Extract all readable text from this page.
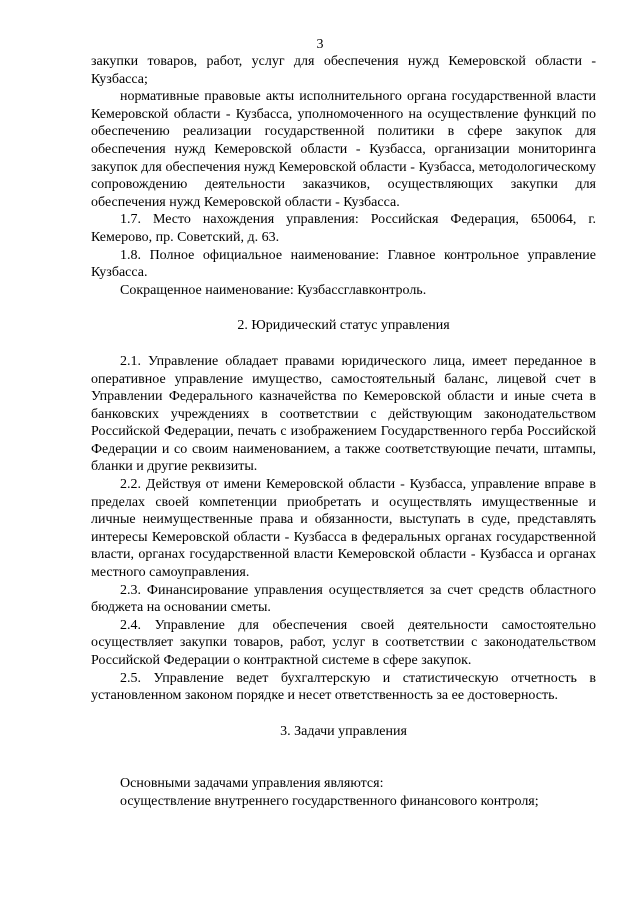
3

закупки товаров, работ, услуг для обеспечения нужд Кемеровской области - Кузбасса;

нормативные правовые акты исполнительного органа государственной власти Кемеровской области - Кузбасса, уполномоченного на осуществление функций по обеспечению реализации государственной политики в сфере закупок для обеспечения нужд Кемеровской области - Кузбасса, организации мониторинга закупок для обеспечения нужд Кемеровской области - Кузбасса, методологическому сопровождению деятельности заказчиков, осуществляющих закупки для обеспечения нужд Кемеровской области - Кузбасса.

1.7. Место нахождения управления: Российская Федерация, 650064, г. Кемерово, пр. Советский, д. 63.

1.8. Полное официальное наименование: Главное контрольное управление Кузбасса.

Сокращенное наименование: Кузбассглавконтроль.

2. Юридический статус управления

2.1. Управление обладает правами юридического лица, имеет переданное в оперативное управление имущество, самостоятельный баланс, лицевой счет в Управлении Федерального казначейства по Кемеровской области и иные счета в банковских учреждениях в соответствии с действующим законодательством Российской Федерации, печать с изображением Государственного герба Российской Федерации и со своим наименованием, а также соответствующие печати, штампы, бланки и другие реквизиты.

2.2. Действуя от имени Кемеровской области - Кузбасса, управление вправе в пределах своей компетенции приобретать и осуществлять имущественные и личные неимущественные права и обязанности, выступать в суде, представлять интересы Кемеровской области - Кузбасса в федеральных органах государственной власти, органах государственной власти Кемеровской области - Кузбасса и органах местного самоуправления.

2.3. Финансирование управления осуществляется за счет средств областного бюджета на основании сметы.

2.4. Управление для обеспечения своей деятельности самостоятельно осуществляет закупки товаров, работ, услуг в соответствии с законодательством Российской Федерации о контрактной системе в сфере закупок.

2.5. Управление ведет бухгалтерскую и статистическую отчетность в установленном законом порядке и несет ответственность за ее достоверность.

3. Задачи управления

Основными задачами управления являются:

осуществление внутреннего государственного финансового контроля;
